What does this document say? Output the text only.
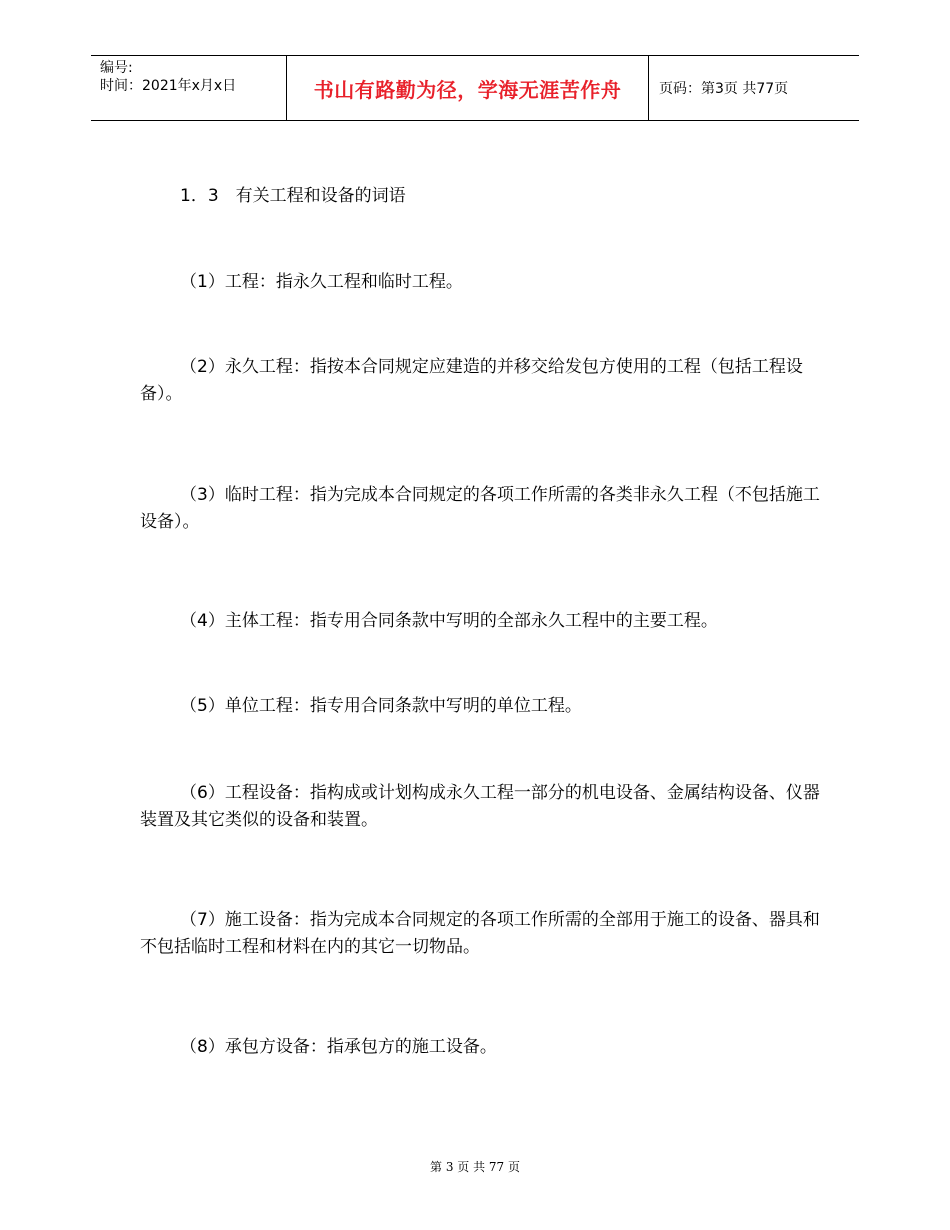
编号:
时间：2021年x月x日	书山有路勤为径，学海无涯苦作舟	页码：第3页 共77页

1．3　有关工程和设备的词语

（1）工程：指永久工程和临时工程。

（2）永久工程：指按本合同规定应建造的并移交给发包方使用的工程（包括工程设备）。

（3）临时工程：指为完成本合同规定的各项工作所需的各类非永久工程（不包括施工设备）。

（4）主体工程：指专用合同条款中写明的全部永久工程中的主要工程。

（5）单位工程：指专用合同条款中写明的单位工程。

（6）工程设备：指构成或计划构成永久工程一部分的机电设备、金属结构设备、仪器装置及其它类似的设备和装置。

（7）施工设备：指为完成本合同规定的各项工作所需的全部用于施工的设备、器具和不包括临时工程和材料在内的其它一切物品。

（8）承包方设备：指承包方的施工设备。

第 3 页 共 77 页
